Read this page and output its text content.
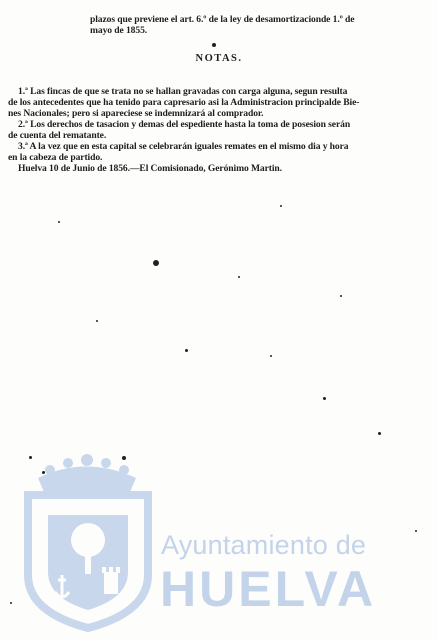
plazos que previene el art. 6.º de la ley de desamortizacionde 1.º de
mayo de 1855.
NOTAS.
1.ª Las fincas de que se trata no se hallan gravadas con carga alguna, segun resulta
de los antecedentes que ha tenido para capresario asi la Administracion principalde Bie-
nes Nacionales; pero si apareciese se indemnizará al comprador.
2.ª Los derechos de tasacion y demas del espediente hasta la toma de posesion serán
de cuenta del rematante.
3.ª A la vez que en esta capital se celebrarán iguales remates en el mismo dia y hora
en la cabeza de partido.
Huelva 10 de Junio de 1856.—El Comisionado, Gerónimo Martin.
ET TERRA
PORTUS MARIS	CUSTODIA Ayuntamiento de
HUELVA
